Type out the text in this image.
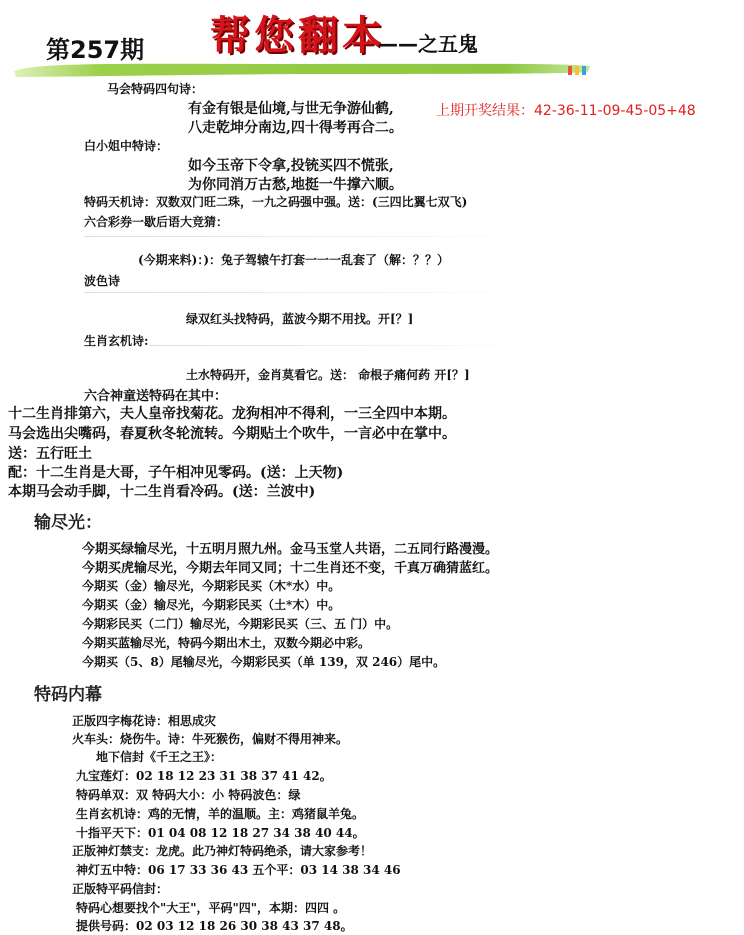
第257期 帮您翻本
——之五鬼
上期开奖结果：42-36-11-09-45-05+48
马会特码四句诗：
有金有银是仙境,与世无争游仙鹤,
八走乾坤分南边,四十得考再合二。
白小姐中特诗：
如今玉帝下令拿,投铳买四不慌张,
为你同消万古愁,地挺一牛撑六顺。
特码天机诗：双数双门旺二珠，一九之码强中强。送：(三四比翼七双飞)
六合彩券一歇后语大竞猜：
(今期来料)：)：兔子驾辕午打套一一一乱套了（解：？？）
波色诗
绿双红头找特码，蓝波今期不用找。开[？]
生肖玄机诗:
土水特码开，金肖莫看它。送： 命根子痛何药 开[？]
六合神童送特码在其中：
十二生肖排第六，夫人皇帝找菊花。龙狗相冲不得利，一三全四中本期。
马会选出尖嘴码，春夏秋冬轮流转。今期贴土个吹牛，一言必中在掌中。
送：五行旺土
配：十二生肖是大哥，子午相冲见零码。(送：上天物)
本期马会动手脚，十二生肖看冷码。(送：兰波中)
输尽光：
今期买绿输尽光，十五明月照九州。金马玉堂人共语，二五同行路漫漫。
今期买虎输尽光，今期去年同又同；十二生肖还不变，千真万确猜蓝红。
今期买（金）输尽光，今期彩民买（木*水）中。
今期买（金）输尽光，今期彩民买（土*木）中。
今期彩民买（二门）输尽光，今期彩民买（三、五 门）中。
今期买蓝输尽光，特码今期出木土，双数今期必中彩。
今期买（5、8）尾输尽光，今期彩民买（单 139，双 246）尾中。
特码内幕
正版四字梅花诗：相思成灾
火车头：烧伤牛。诗：牛死猴伤，偏财不得用神来。
地下信封《千王之王》：
九宝莲灯：02 18 12 23 31 38 37 41 42。
特码单双：双 特码大小：小 特码波色：绿
生肖玄机诗：鸡的无情，羊的温顺。主：鸡猪鼠羊兔。
十指平天下：01 04 08 12 18 27 34 38 40 44。
正版神灯禁支：龙虎。此乃神灯特码绝杀，请大家参考！
神灯五中特：06 17 33 36 43 五个平：03 14 38 34 46
正版特平码信封：
特码心想要找个"大王"，平码"四"，本期：四四 。
提供号码：02 03 12 18 26 30 38 43 37 48。
